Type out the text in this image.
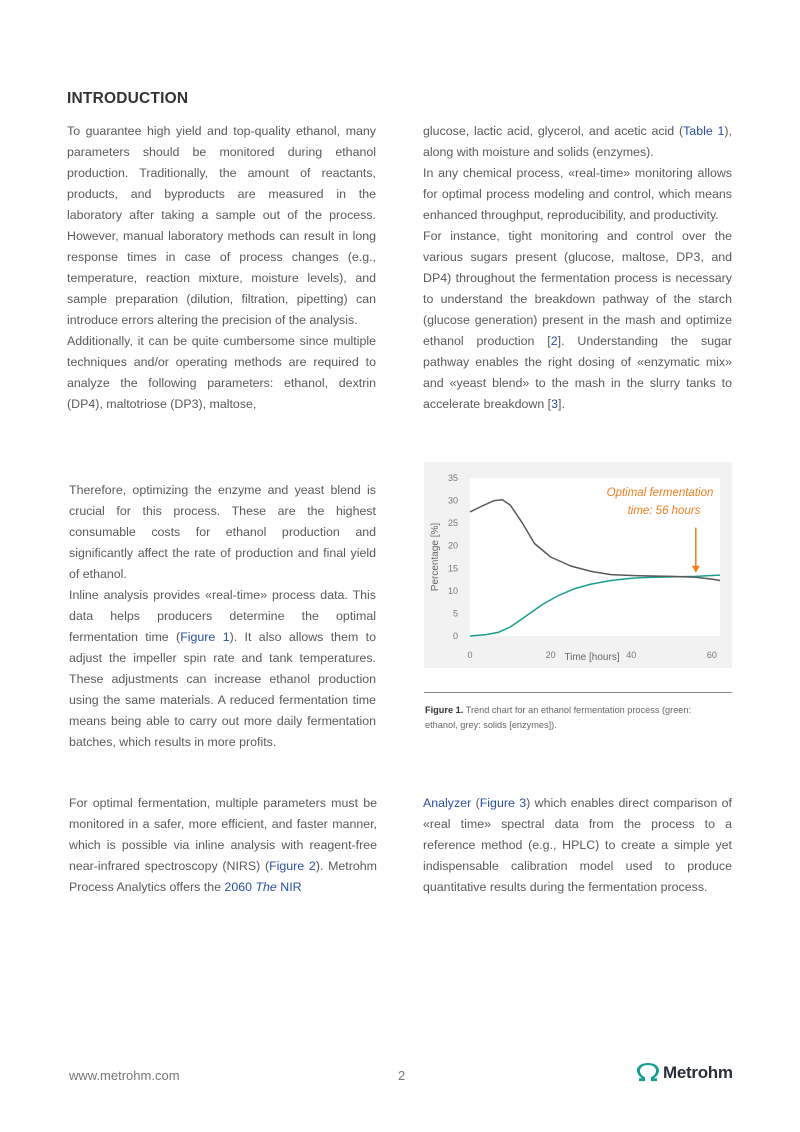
INTRODUCTION

To guarantee high yield and top-quality ethanol, many parameters should be monitored during ethanol production. Traditionally, the amount of reactants, products, and byproducts are measured in the laboratory after taking a sample out of the process. However, manual laboratory methods can result in long response times in case of process changes (e.g., temperature, reaction mixture, moisture levels), and sample preparation (dilution, filtration, pipetting) can introduce errors altering the precision of the analysis.

Additionally, it can be quite cumbersome since multiple techniques and/or operating methods are required to analyze the following parameters: ethanol, dextrin (DP4), maltotriose (DP3), maltose,

glucose, lactic acid, glycerol, and acetic acid (Table 1), along with moisture and solids (enzymes).

In any chemical process, «real-time» monitoring allows for optimal process modeling and control, which means enhanced throughput, reproducibility, and productivity.

For instance, tight monitoring and control over the various sugars present (glucose, maltose, DP3, and DP4) throughout the fermentation process is necessary to understand the breakdown pathway of the starch (glucose generation) present in the mash and optimize ethanol production [2]. Understanding the sugar pathway enables the right dosing of «enzymatic mix» and «yeast blend» to the mash in the slurry tanks to accelerate breakdown [3].

Therefore, optimizing the enzyme and yeast blend is crucial for this process. These are the highest consumable costs for ethanol production and significantly affect the rate of production and final yield of ethanol.

Inline analysis provides «real-time» process data. This data helps producers determine the optimal fermentation time (Figure 1). It also allows them to adjust the impeller spin rate and tank temperatures. These adjustments can increase ethanol production using the same materials. A reduced fermentation time means being able to carry out more daily fermentation batches, which results in more profits.

0
5
10
15
20
25
30
35
0	20	40	60
Time [hours]
Percentage [%]
Optimal fermentation
time: 56 hours
Figure 1. Trend chart for an ethanol fermentation process (green: ethanol, grey: solids [enzymes]).

For optimal fermentation, multiple parameters must be monitored in a safer, more efficient, and faster manner, which is possible via inline analysis with reagent-free near-infrared spectroscopy (NIRS) (Figure 2). Metrohm Process Analytics offers the 2060 The NIR

Analyzer (Figure 3) which enables direct comparison of «real time» spectral data from the process to a reference method (e.g., HPLC) to create a simple yet indispensable calibration model used to produce quantitative results during the fermentation process.

www.metrohm.com	2	Metrohm
